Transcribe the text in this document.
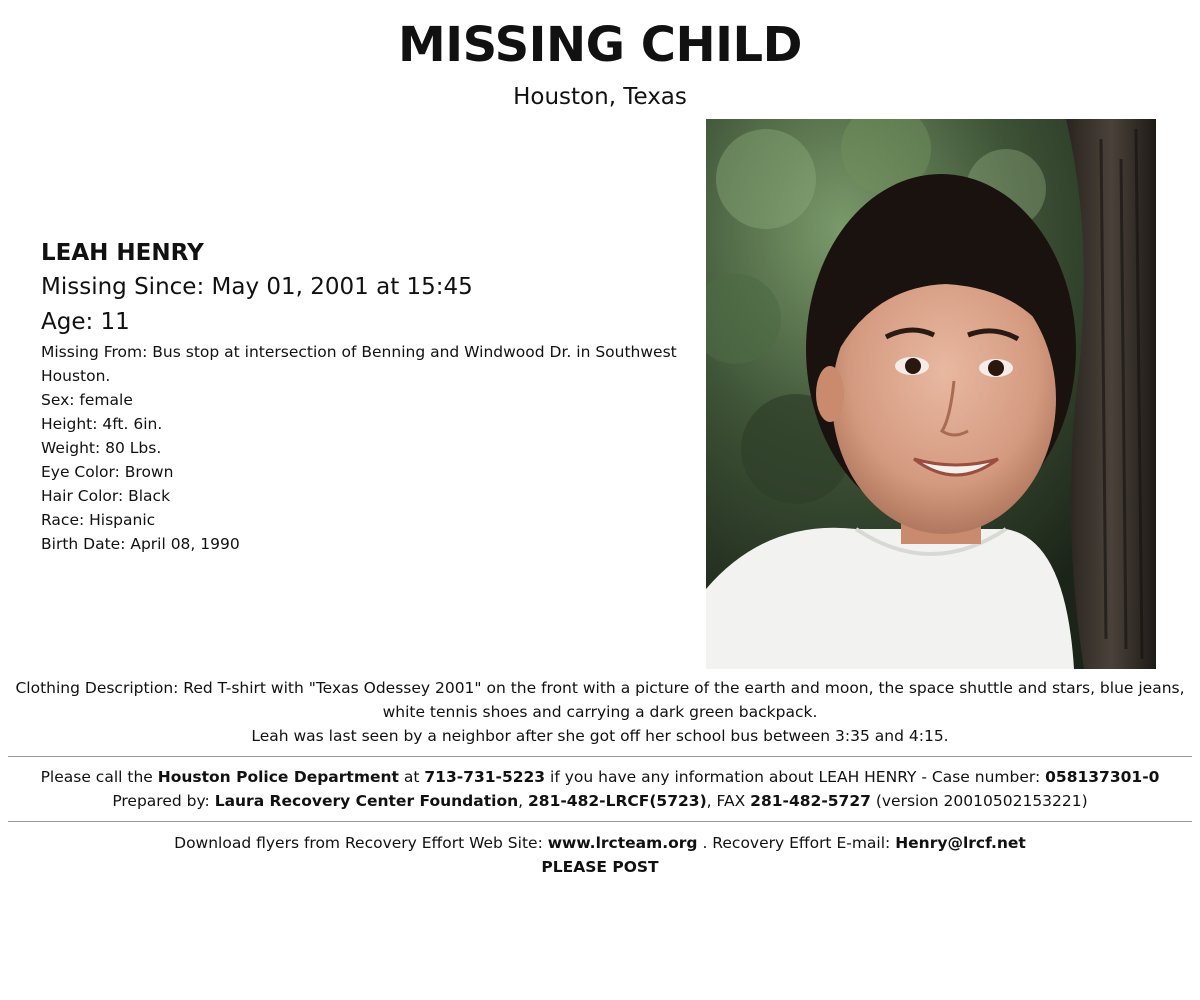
MISSING CHILD
Houston, Texas
LEAH HENRY
Missing Since: May 01, 2001 at 15:45
Age: 11
Missing From: Bus stop at intersection of Benning and Windwood Dr. in Southwest Houston.
Sex: female
Height: 4ft. 6in.
Weight: 80 Lbs.
Eye Color: Brown
Hair Color: Black
Race: Hispanic
Birth Date: April 08, 1990
Clothing Description: Red T-shirt with "Texas Odessey 2001" on the front with a picture of the earth and moon, the space shuttle and stars, blue jeans, white tennis shoes and carrying a dark green backpack.
Leah was last seen by a neighbor after she got off her school bus between 3:35 and 4:15.
Please call the Houston Police Department at 713-731-5223 if you have any information about LEAH HENRY - Case number: 058137301-0
Prepared by: Laura Recovery Center Foundation, 281-482-LRCF(5723), FAX 281-482-5727 (version 20010502153221)
Download flyers from Recovery Effort Web Site: www.lrcteam.org . Recovery Effort E-mail: Henry@lrcf.net
PLEASE POST
